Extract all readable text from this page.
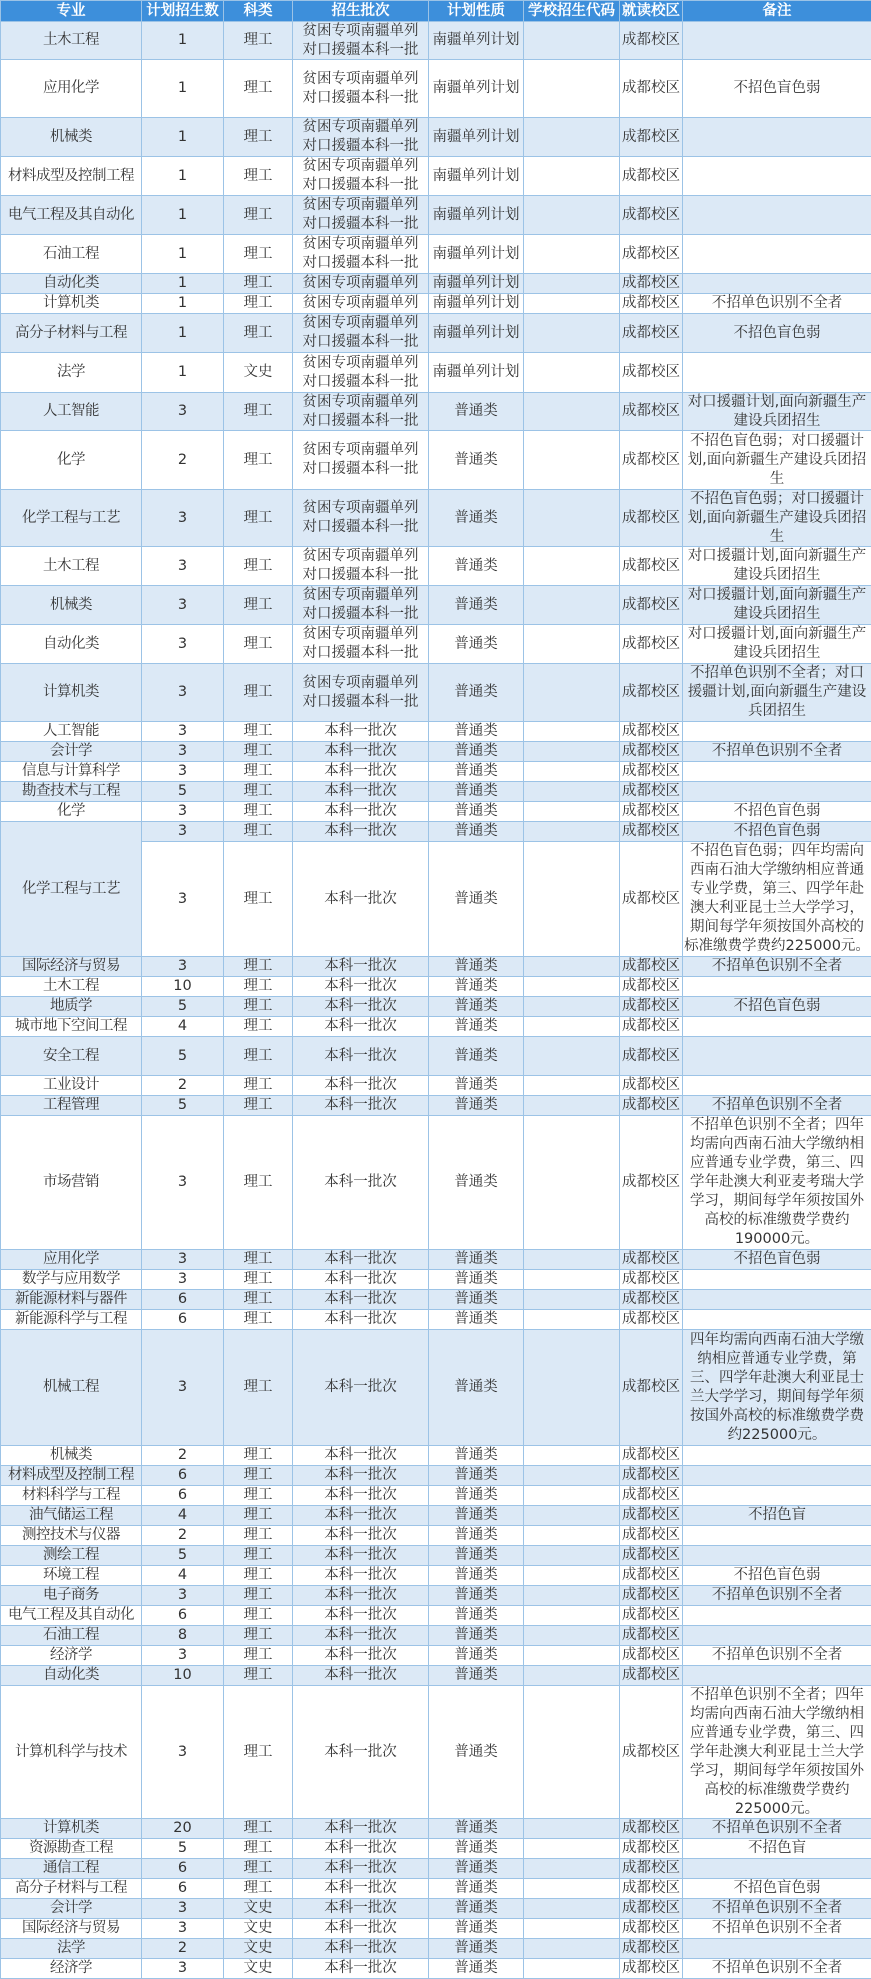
专业	计划招生数	科类	招生批次	计划性质	学校招生代码	就读校区	备注

土木工程	1	理工	贫困专项南疆单列
对口援疆本科一批	南疆单列计划		成都校区	

应用化学	1	理工	贫困专项南疆单列
对口援疆本科一批	南疆单列计划		成都校区	不招色盲色弱

机械类	1	理工	贫困专项南疆单列
对口援疆本科一批	南疆单列计划		成都校区	

材料成型及控制工程	1	理工	贫困专项南疆单列
对口援疆本科一批	南疆单列计划		成都校区	

电气工程及其自动化	1	理工	贫困专项南疆单列
对口援疆本科一批	南疆单列计划		成都校区	

石油工程	1	理工	贫困专项南疆单列
对口援疆本科一批	南疆单列计划		成都校区	

自动化类	1	理工	贫困专项南疆单列	南疆单列计划		成都校区	

计算机类	1	理工	贫困专项南疆单列	南疆单列计划		成都校区	不招单色识别不全者

高分子材料与工程	1	理工	贫困专项南疆单列
对口援疆本科一批	南疆单列计划		成都校区	不招色盲色弱

法学	1	文史	贫困专项南疆单列
对口援疆本科一批	南疆单列计划		成都校区	

人工智能	3	理工	贫困专项南疆单列
对口援疆本科一批	普通类		成都校区	对口援疆计划,面向新疆生产建设兵团招生

化学	2	理工	贫困专项南疆单列
对口援疆本科一批	普通类		成都校区	不招色盲色弱；对口援疆计划,面向新疆生产建设兵团招生

化学工程与工艺	3	理工	贫困专项南疆单列
对口援疆本科一批	普通类		成都校区	不招色盲色弱；对口援疆计划,面向新疆生产建设兵团招生

土木工程	3	理工	贫困专项南疆单列
对口援疆本科一批	普通类		成都校区	对口援疆计划,面向新疆生产建设兵团招生

机械类	3	理工	贫困专项南疆单列
对口援疆本科一批	普通类		成都校区	对口援疆计划,面向新疆生产建设兵团招生

自动化类	3	理工	贫困专项南疆单列
对口援疆本科一批	普通类		成都校区	对口援疆计划,面向新疆生产建设兵团招生

计算机类	3	理工	贫困专项南疆单列
对口援疆本科一批	普通类		成都校区	不招单色识别不全者；对口援疆计划,面向新疆生产建设兵团招生

人工智能	3	理工	本科一批次	普通类		成都校区	

会计学	3	理工	本科一批次	普通类		成都校区	不招单色识别不全者

信息与计算科学	3	理工	本科一批次	普通类		成都校区	

勘查技术与工程	5	理工	本科一批次	普通类		成都校区	

化学	3	理工	本科一批次	普通类		成都校区	不招色盲色弱

化学工程与工艺	3	理工	本科一批次	普通类		成都校区	不招色盲色弱

3	理工	本科一批次	普通类		成都校区	不招色盲色弱；四年均需向西南石油大学缴纳相应普通专业学费，第三、四学年赴澳大利亚昆士兰大学学习，期间每学年须按国外高校的标准缴费学费约225000元。

国际经济与贸易	3	理工	本科一批次	普通类		成都校区	不招单色识别不全者

土木工程	10	理工	本科一批次	普通类		成都校区	

地质学	5	理工	本科一批次	普通类		成都校区	不招色盲色弱

城市地下空间工程	4	理工	本科一批次	普通类		成都校区	

安全工程	5	理工	本科一批次	普通类		成都校区	

工业设计	2	理工	本科一批次	普通类		成都校区	

工程管理	5	理工	本科一批次	普通类		成都校区	不招单色识别不全者

市场营销	3	理工	本科一批次	普通类		成都校区	不招单色识别不全者；四年均需向西南石油大学缴纳相应普通专业学费，第三、四学年赴澳大利亚麦考瑞大学学习，期间每学年须按国外高校的标准缴费学费约190000元。

应用化学	3	理工	本科一批次	普通类		成都校区	不招色盲色弱

数学与应用数学	3	理工	本科一批次	普通类		成都校区	

新能源材料与器件	6	理工	本科一批次	普通类		成都校区	

新能源科学与工程	6	理工	本科一批次	普通类		成都校区	

机械工程	3	理工	本科一批次	普通类		成都校区	四年均需向西南石油大学缴纳相应普通专业学费，第三、四学年赴澳大利亚昆士兰大学学习，期间每学年须按国外高校的标准缴费学费约225000元。

机械类	2	理工	本科一批次	普通类		成都校区	

材料成型及控制工程	6	理工	本科一批次	普通类		成都校区	

材料科学与工程	6	理工	本科一批次	普通类		成都校区	

油气储运工程	4	理工	本科一批次	普通类		成都校区	不招色盲

测控技术与仪器	2	理工	本科一批次	普通类		成都校区	

测绘工程	5	理工	本科一批次	普通类		成都校区	

环境工程	4	理工	本科一批次	普通类		成都校区	不招色盲色弱

电子商务	3	理工	本科一批次	普通类		成都校区	不招单色识别不全者

电气工程及其自动化	6	理工	本科一批次	普通类		成都校区	

石油工程	8	理工	本科一批次	普通类		成都校区	

经济学	3	理工	本科一批次	普通类		成都校区	不招单色识别不全者

自动化类	10	理工	本科一批次	普通类		成都校区	

计算机科学与技术	3	理工	本科一批次	普通类		成都校区	不招单色识别不全者；四年均需向西南石油大学缴纳相应普通专业学费，第三、四学年赴澳大利亚昆士兰大学学习，期间每学年须按国外高校的标准缴费学费约225000元。

计算机类	20	理工	本科一批次	普通类		成都校区	不招单色识别不全者

资源勘查工程	5	理工	本科一批次	普通类		成都校区	不招色盲

通信工程	6	理工	本科一批次	普通类		成都校区	

高分子材料与工程	6	理工	本科一批次	普通类		成都校区	不招色盲色弱

会计学	3	文史	本科一批次	普通类		成都校区	不招单色识别不全者

国际经济与贸易	3	文史	本科一批次	普通类		成都校区	不招单色识别不全者

法学	2	文史	本科一批次	普通类		成都校区	

经济学	3	文史	本科一批次	普通类		成都校区	不招单色识别不全者
